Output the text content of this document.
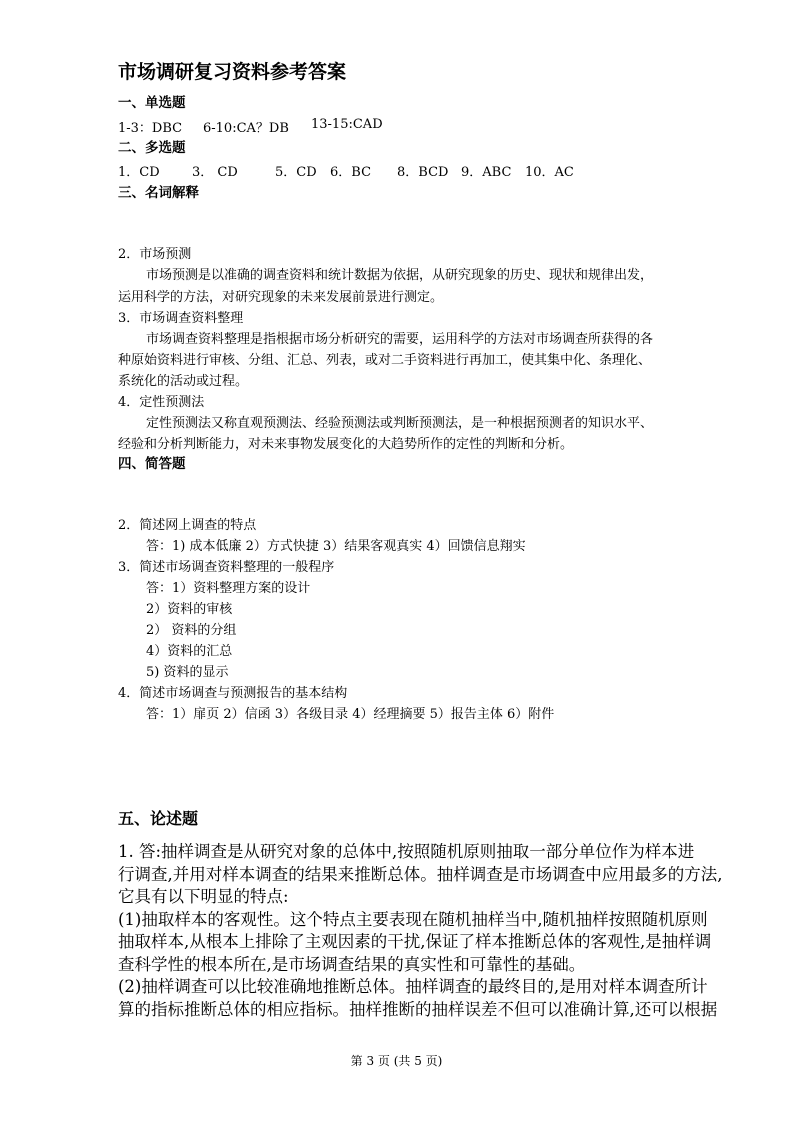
市场调研复习资料参考答案
一、单选题
1-3：DBC 6-10:CA？DB 13-15:CAD
二、多选题
1．CD 3． CD	5．CD 6．BC 8．BCD 9．ABC 10．AC
三、名词解释
2．市场预测
市场预测是以准确的调查资料和统计数据为依据，从研究现象的历史、现状和规律出发，
运用科学的方法，对研究现象的未来发展前景进行测定。
3．市场调查资料整理
市场调查资料整理是指根据市场分析研究的需要，运用科学的方法对市场调查所获得的各
种原始资料进行审核、分组、汇总、列表，或对二手资料进行再加工，使其集中化、条理化、
系统化的活动或过程。
4．定性预测法
定性预测法又称直观预测法、经验预测法或判断预测法，是一种根据预测者的知识水平、
经验和分析判断能力，对未来事物发展变化的大趋势所作的定性的判断和分析。
四、简答题
2．简述网上调查的特点
答：1) 成本低廉 2）方式快捷 3）结果客观真实 4）回馈信息翔实
3．简述市场调查资料整理的一般程序
答：1）资料整理方案的设计
2）资料的审核
2） 资料的分组
4）资料的汇总
5) 资料的显示
4．简述市场调查与预测报告的基本结构
答：1）扉页 2）信函 3）各级目录 4）经理摘要 5）报告主体 6）附件
五、论述题
1. 答:抽样调查是从研究对象的总体中,按照随机原则抽取一部分单位作为样本进
行调查,并用对样本调查的结果来推断总体。抽样调查是市场调查中应用最多的方法,
它具有以下明显的特点:
(1)抽取样本的客观性。这个特点主要表现在随机抽样当中,随机抽样按照随机原则
抽取样本,从根本上排除了主观因素的干扰,保证了样本推断总体的客观性,是抽样调
查科学性的根本所在,是市场调查结果的真实性和可靠性的基础。
(2)抽样调查可以比较准确地推断总体。抽样调查的最终目的,是用对样本调查所计
算的指标推断总体的相应指标。抽样推断的抽样误差不但可以准确计算,还可以根据
第 3 页 (共 5 页)
